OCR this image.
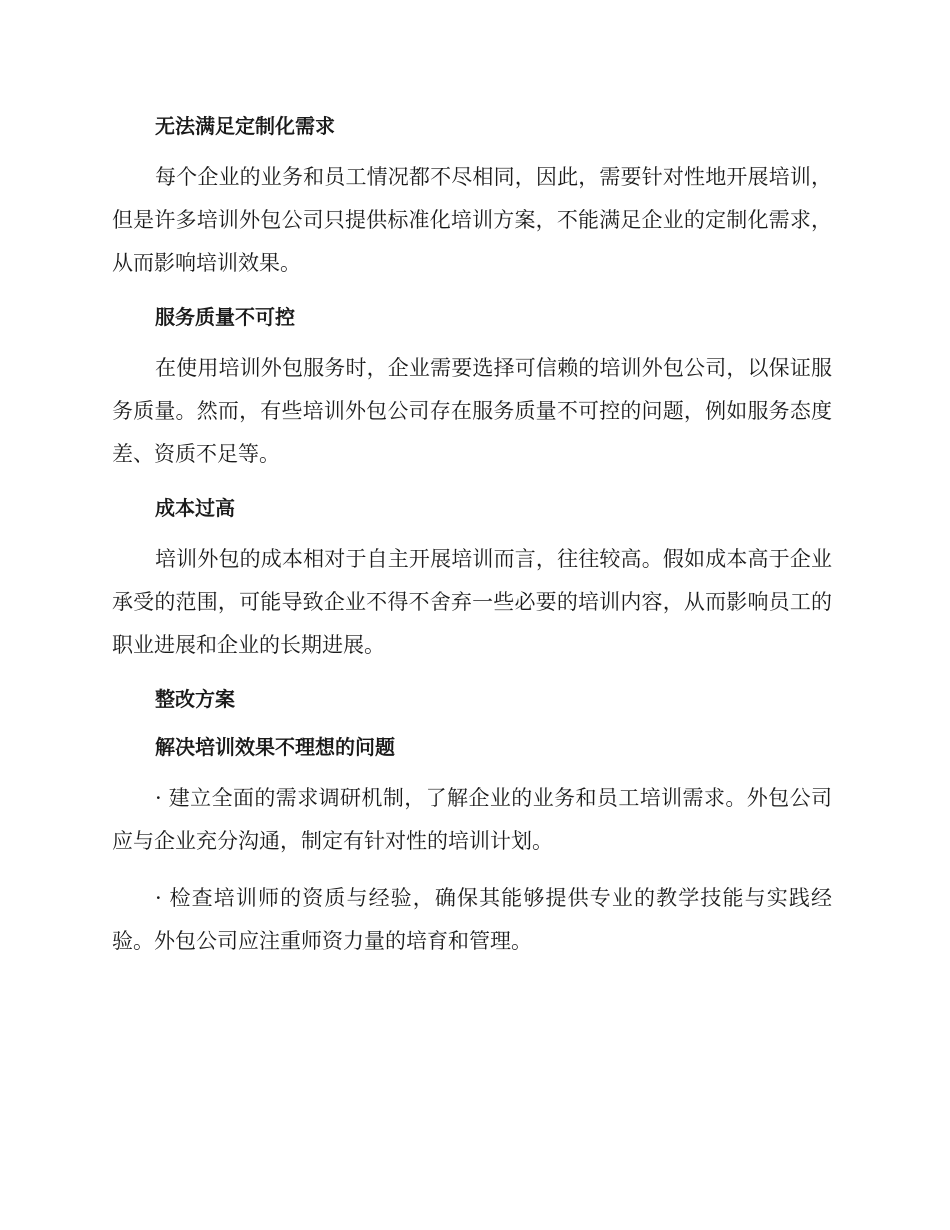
无法满足定制化需求

每个企业的业务和员工情况都不尽相同，因此，需要针对性地开展培训，但是许多培训外包公司只提供标准化培训方案，不能满足企业的定制化需求，从而影响培训效果。

服务质量不可控

在使用培训外包服务时，企业需要选择可信赖的培训外包公司，以保证服务质量。然而，有些培训外包公司存在服务质量不可控的问题，例如服务态度差、资质不足等。

成本过高

培训外包的成本相对于自主开展培训而言，往往较高。假如成本高于企业承受的范围，可能导致企业不得不舍弃一些必要的培训内容，从而影响员工的职业进展和企业的长期进展。

整改方案
解决培训效果不理想的问题

· 建立全面的需求调研机制，了解企业的业务和员工培训需求。外包公司应与企业充分沟通，制定有针对性的培训计划。

· 检查培训师的资质与经验，确保其能够提供专业的教学技能与实践经验。外包公司应注重师资力量的培育和管理。
